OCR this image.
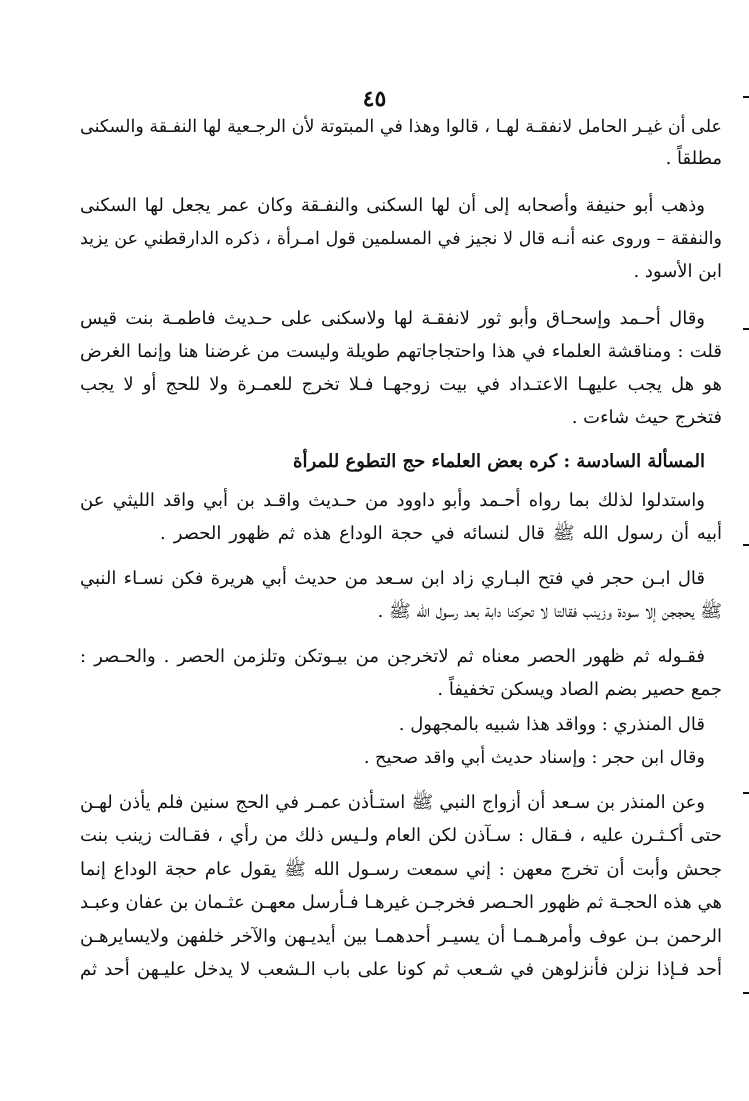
٤٥
على أن غيـر الحامل لانفقـة لهـا ، قالوا وهذا في المبتوتة لأن الرجـعية لها النفـقة والسكنى
مطلقاً .
وذهب أبو حنيفة وأصحابه إلى أن لها السكنى والنفـقة وكان عمر يجعل لها السكنى
والنفقة – وروى عنه أنـه قال لا نجيز في المسلمين قول امـرأة ، ذكره الدارقطني عن يزيد
ابن الأسود .
وقال أحـمد وإسحـاق وأبو ثور لانفقـة لها ولاسكنى على حـديث فاطمـة بنت قيس
قلت : ومناقشة العلماء في هذا واحتجاجاتهم طويلة وليست من غرضنا هنا وإنما الغرض
هو هل يجب عليهـا الاعتـداد في بيت زوجهـا فـلا تخرج للعمـرة ولا للحج أو لا يجب
فتخرج حيث شاءت .
المسألة السادسة : كره بعض العلماء حج التطوع للمرأة
واستدلوا لذلك بما رواه أحـمد وأبو داوود من حـديث واقـد بن أبي واقد الليثي عن
أبيه أن رسول الله ﷺ قال لنسائه في حجة الوداع هذه ثم ظهور الحصر .
قال ابـن حجر في فتح البـاري زاد ابن سـعد من حديث أبي هريرة فكن نسـاء النبي
ﷺ يحججن إلا سودة وزينب فقالتا لا تحركنا دابة بعد رسول الله ﷺ .
فقـوله ثم ظهور الحصر معناه ثم لاتخرجن من بيـوتكن وتلزمن الحصر . والحـصر :
جمع حصير بضم الصاد ويسكن تخفيفاً .
قال المنذري : وواقد هذا شبيه بالمجهول .
وقال ابن حجر : وإسناد حديث أبي واقد صحيح .
وعن المنذر بن سـعد أن أزواج النبي ﷺ استـأذن عمـر في الحج سنين فلم يأذن لهـن
حتى أكـثـرن عليه ، فـقال : سـآذن لكن العام ولـيس ذلك من رأي ، فقـالت زينب بنت
جحش وأبت أن تخرج معهن : إني سمعت رسـول الله ﷺ يقول عام حجة الوداع إنما
هي هذه الحجـة ثم ظهور الحـصر فخرجـن غيرهـا فـأرسل معهـن عثـمان بن عفان وعبـد
الرحمن بـن عوف وأمرهـمـا أن يسيـر أحدهمـا بين أيديـهن والآخر خلفهن ولايسايرهـن
أحد فـإذا نزلن فأنزلوهن في شـعب ثم كونا على باب الـشعب لا يدخل عليـهن أحد ثم
